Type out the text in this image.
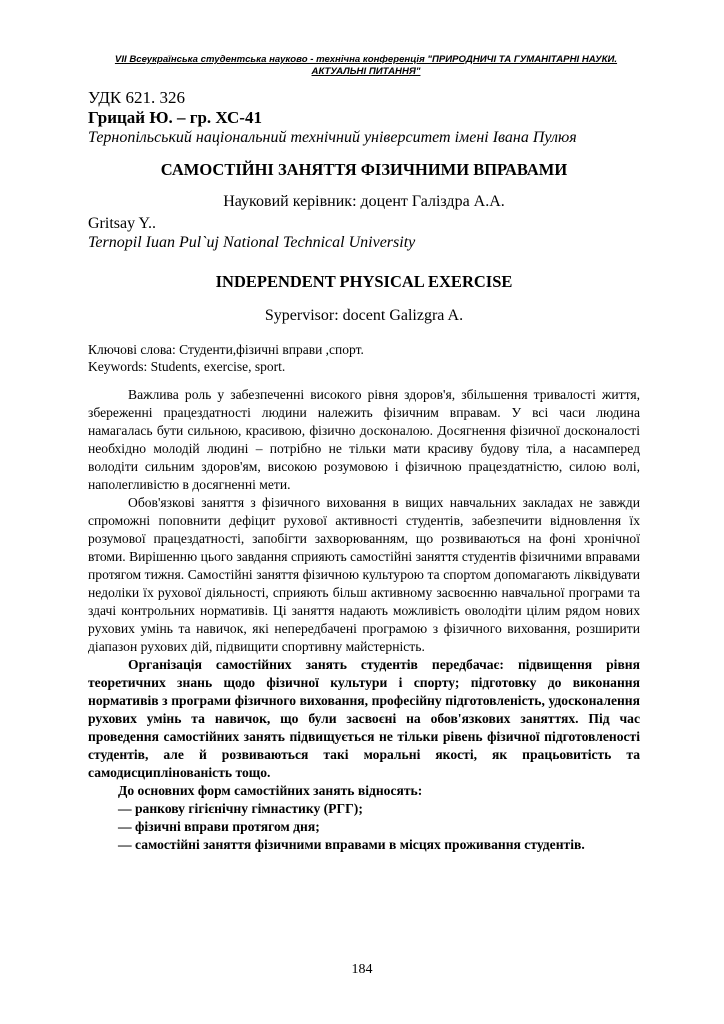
VII Всеукраїнська студентська науково - технічна конференція "ПРИРОДНИЧІ ТА ГУМАНІТАРНІ НАУКИ.
АКТУАЛЬНІ ПИТАННЯ"
УДК 621. 326
Грицай Ю. – гр. ХС-41
Тернопільський національний технічний університет імені Івана Пулюя
САМОСТІЙНІ ЗАНЯТТЯ ФІЗИЧНИМИ ВПРАВАМИ
Науковий керівник: доцент Галіздра А.А.
Gritsay Y..
Ternopil Iuan Pul`uj National Technical University
INDEPENDENT PHYSICAL EXERCISE
Sypervisor: docent Galizgra A.
Ключові слова: Студенти,фізичні вправи ,спорт.
Keywords: Students, exercise, sport.

Важлива роль у забезпеченні високого рівня здоров'я, збільшення тривалості життя, збереженні працездатності людини належить фізичним вправам. У всі часи людина намагалась бути сильною, красивою, фізично досконалою. Досягнення фізичної досконалості необхідно молодій людині – потрібно не тільки мати красиву будову тіла, а насамперед володіти сильним здоров'ям, високою розумовою і фізичною працездатністю, силою волі, наполегливістю в досягненні мети.

Обов'язкові заняття з фізичного виховання в вищих навчальних закладах не завжди спроможні поповнити дефіцит рухової активності студентів, забезпечити відновлення їх розумової працездатності, запобігти захворюванням, що розвиваються на фоні хронічної втоми. Вирішенню цього завдання сприяють самостійні заняття студентів фізичними вправами протягом тижня. Самостійні заняття фізичною культурою та спортом допомагають ліквідувати недоліки їх рухової діяльності, сприяють більш активному засвоєнню навчальної програми та здачі контрольних нормативів. Ці заняття надають можливість оволодіти цілим рядом нових рухових умінь та навичок, які непередбачені програмою з фізичного виховання, розширити діапазон рухових дій, підвищити спортивну майстерність.

Організація самостійних занять студентів передбачає: підвищення рівня теоретичних знань щодо фізичної культури і спорту; підготовку до виконання нормативів з програми фізичного виховання, професійну підготовленість, удосконалення рухових умінь та навичок, що були засвоєні на обов'язкових заняттях. Під час проведення самостійних занять підвищується не тільки рівень фізичної підготовленості студентів, але й розвиваються такі моральні якості, як працьовитість та самодисциплінованість тощо.

До основних форм самостійних занять відносять:

— ранкову гігієнічну гімнастику (РГГ);

— фізичні вправи протягом дня;

— самостійні заняття фізичними вправами в місцях проживання студентів.

184
